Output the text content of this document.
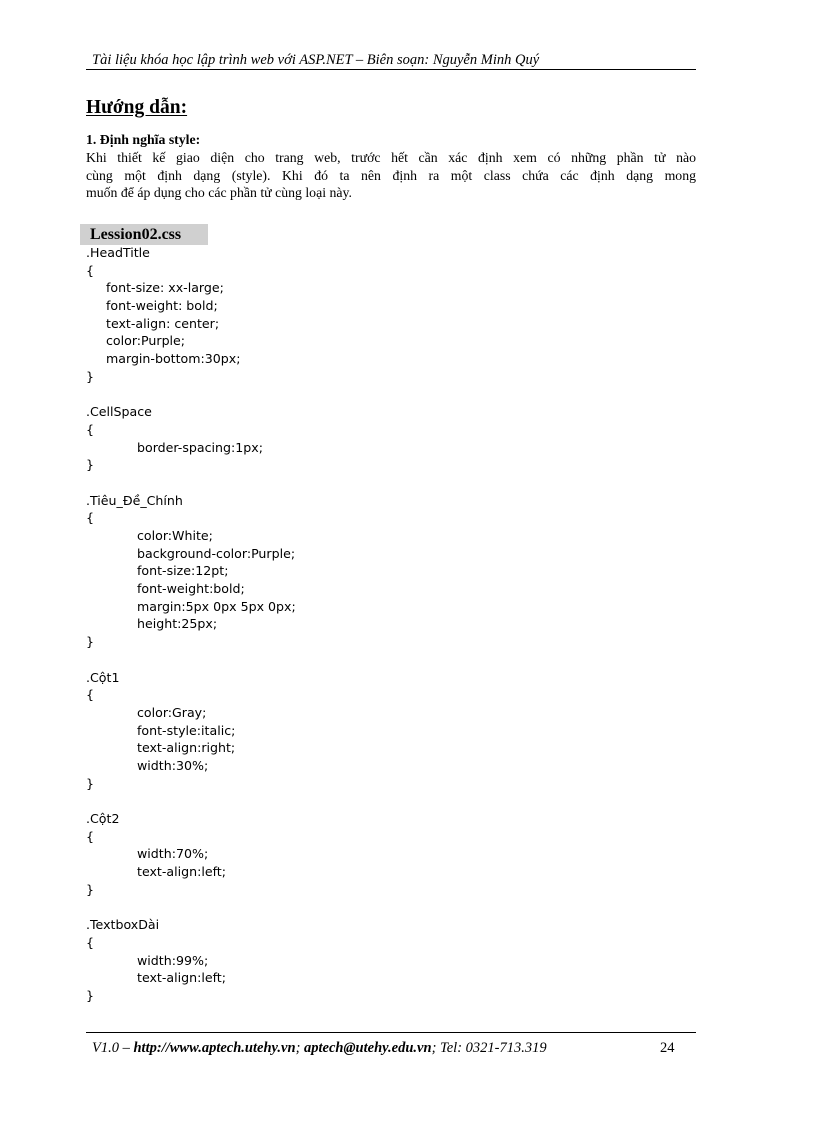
Tài liệu khóa học lập trình web với ASP.NET – Biên soạn: Nguyễn Minh Quý
Hướng dẫn:
1. Định nghĩa style:
Khi thiết kế giao diện cho trang web, trước hết cần xác định xem có những phần tử nào
cùng một định dạng (style). Khi đó ta nên định ra một class chứa các định dạng mong
muốn để áp dụng cho các phần tử cùng loại này.
Lession02.css
.HeadTitle
{
font-size: xx-large;
font-weight: bold;
text-align: center;
color:Purple;
margin-bottom:30px;
}
.CellSpace
{
border-spacing:1px;
}
.Tiêu_Đề_Chính
{
color:White;
background-color:Purple;
font-size:12pt;
font-weight:bold;
margin:5px 0px 5px 0px;
height:25px;
}
.Cột1
{
color:Gray;
font-style:italic;
text-align:right;
width:30%;
}
.Cột2
{
width:70%;
text-align:left;
}
.TextboxDài
{
width:99%;
text-align:left;
}
V1.0 – http://www.aptech.utehy.vn; aptech@utehy.edu.vn; Tel: 0321-713.319	24
